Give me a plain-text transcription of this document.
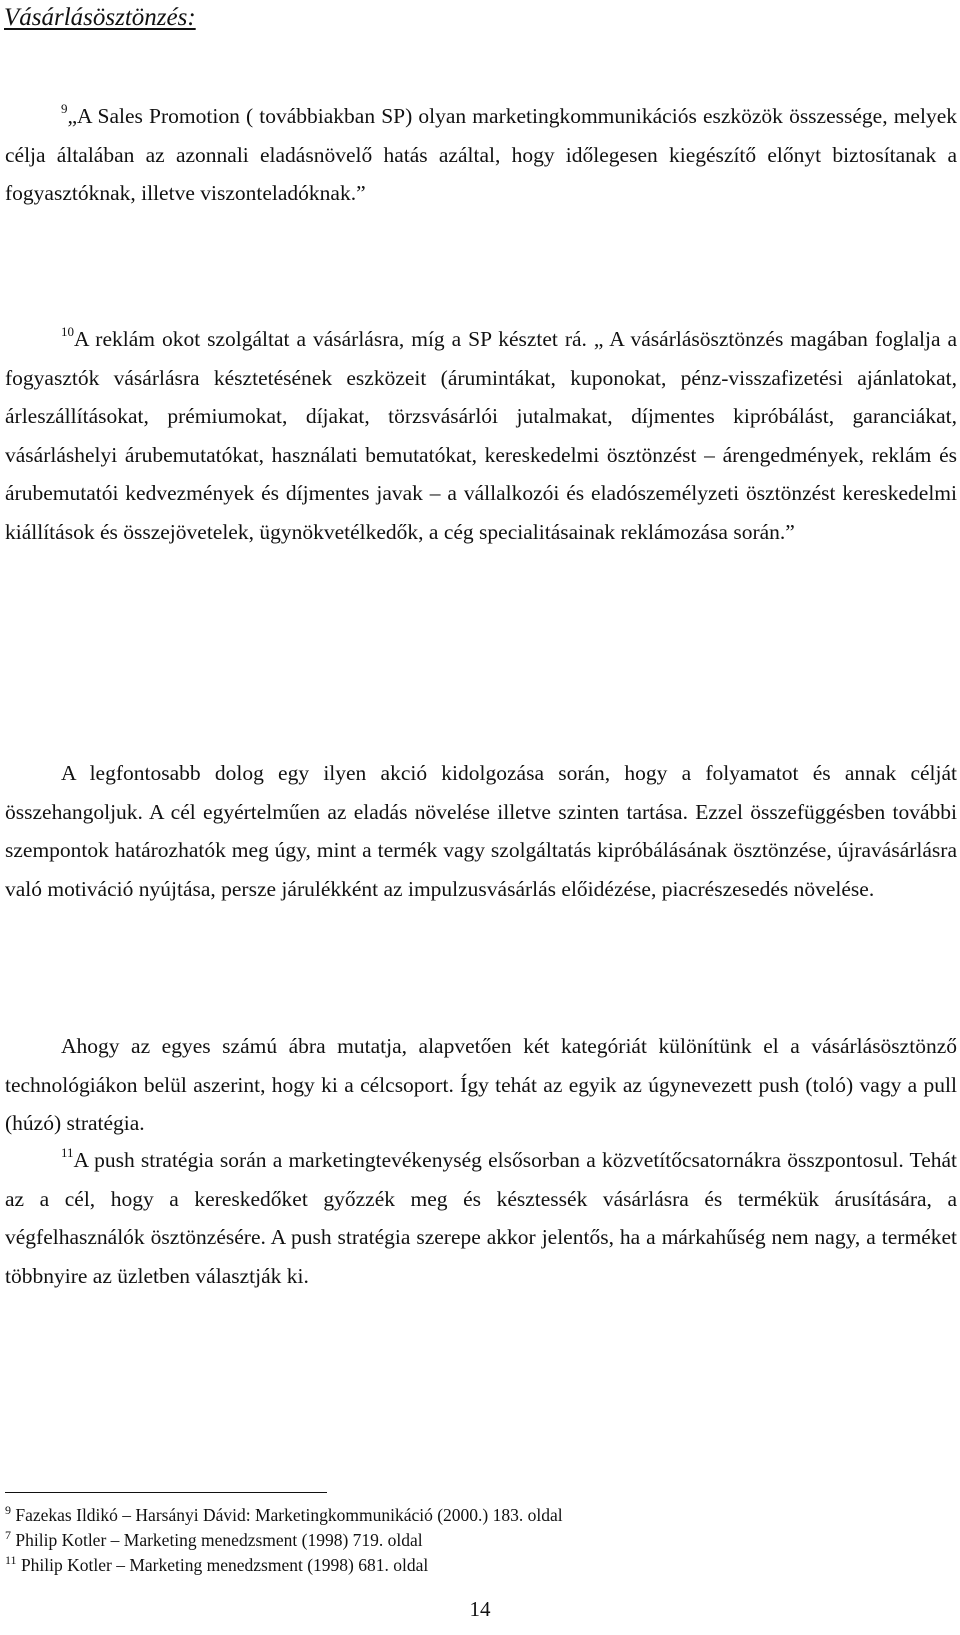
Vásárlásösztönzés:

$^9$„A Sales Promotion ( továbbiakban SP) olyan marketingkommunikációs eszközök összessége, melyek célja általában az azonnali eladásnövelő hatás azáltal, hogy időlegesen kiegészítő előnyt biztosítanak a fogyasztóknak, illetve viszonteladóknak.”

$^{10}$A reklám okot szolgáltat a vásárlásra, míg a SP késztet rá. „ A vásárlásösztönzés magában foglalja a fogyasztók vásárlásra késztetésének eszközeit (árumintákat, kuponokat, pénz-visszafizetési ajánlatokat, árleszállításokat, prémiumokat, díjakat, törzsvásárlói jutalmakat, díjmentes kipróbálást, garanciákat, vásárláshelyi árubemutatókat, használati bemutatókat, kereskedelmi ösztönzést – árengedmények, reklám és árubemutatói kedvezmények és díjmentes javak – a vállalkozói és eladószemélyzeti ösztönzést kereskedelmi kiállítások és összejövetelek, ügynökvetélkedők, a cég specialitásainak reklámozása során.”

A legfontosabb dolog egy ilyen akció kidolgozása során, hogy a folyamatot és annak célját összehangoljuk. A cél egyértelműen az eladás növelése illetve szinten tartása. Ezzel összefüggésben további szempontok határozhatók meg úgy, mint a termék vagy szolgáltatás kipróbálásának ösztönzése, újravásárlásra való motiváció nyújtása, persze járulékként az impulzusvásárlás előidézése, piacrészesedés növelése.

Ahogy az egyes számú ábra mutatja, alapvetően két kategóriát különítünk el a vásárlásösztönző technológiákon belül aszerint, hogy ki a célcsoport. Így tehát az egyik az úgynevezett push (toló) vagy a pull (húzó) stratégia.

$^{11}$A push stratégia során a marketingtevékenység elsősorban a közvetítőcsatornákra összpontosul. Tehát az a cél, hogy a kereskedőket győzzék meg és késztessék vásárlásra és termékük árusítására, a végfelhasználók ösztönzésére. A push stratégia szerepe akkor jelentős, ha a márkahűség nem nagy, a terméket többnyire az üzletben választják ki.

$^9$ Fazekas Ildikó – Harsányi Dávid: Marketingkommunikáció (2000.) 183. oldal
$^7$ Philip Kotler – Marketing menedzsment (1998) 719. oldal
$^{11}$ Philip Kotler – Marketing menedzsment (1998) 681. oldal
14
